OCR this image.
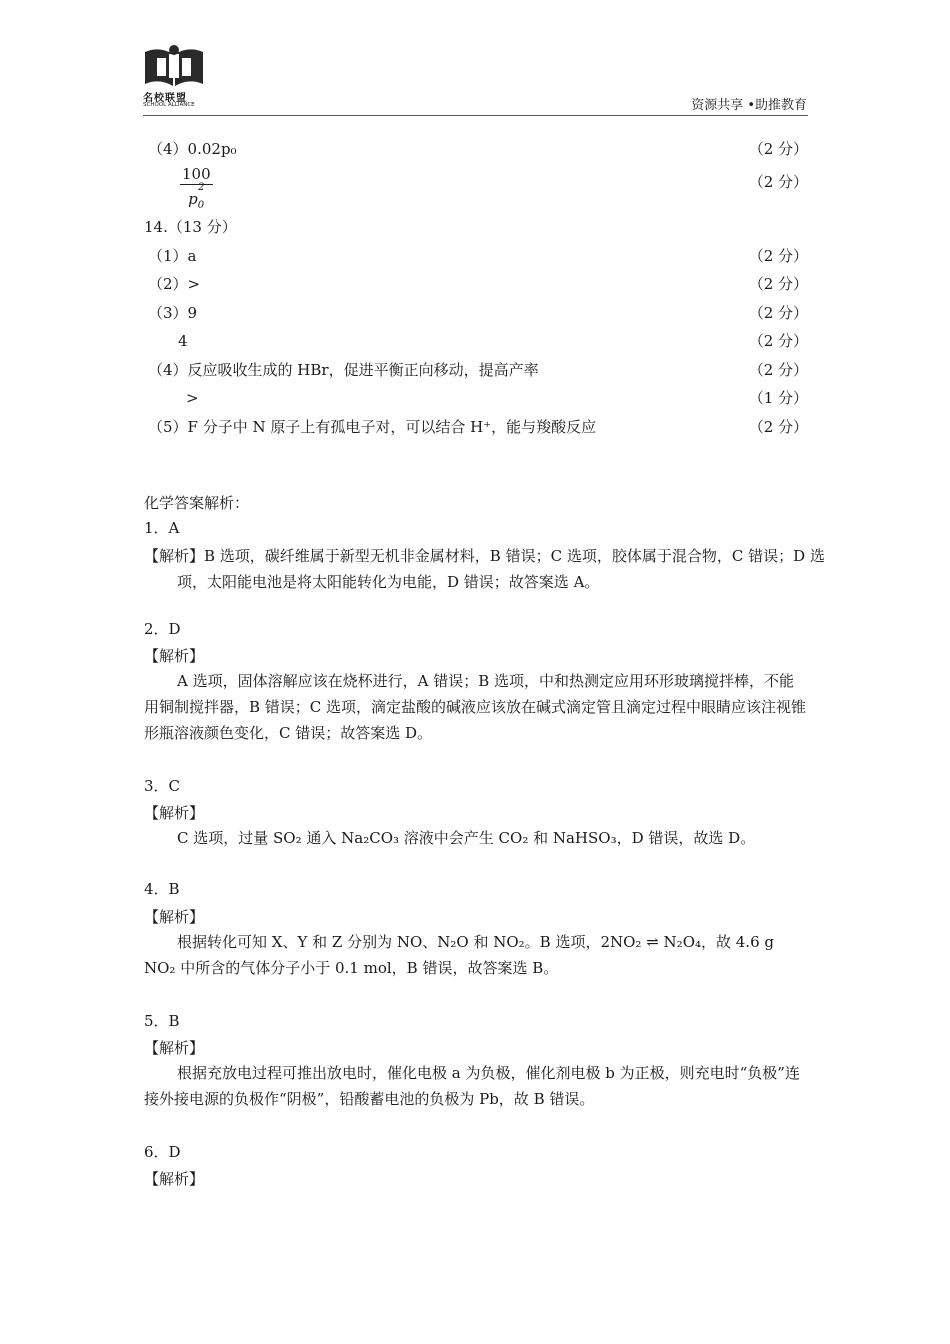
名校联盟
SCHOOL ALLIANCE	资源共享 •助推教育
（4）0.02p₀	（2 分）
$\frac{100}{p_0^2}$	（2 分）
14.（13 分）
（1）a	（2 分）
（2）>	（2 分）
（3）9	（2 分）
4	（2 分）
（4）反应吸收生成的 HBr，促进平衡正向移动，提高产率	（2 分）
>	（1 分）
（5）F 分子中 N 原子上有孤电子对，可以结合 H⁺，能与羧酸反应	（2 分）
化学答案解析：
1．A
【解析】B 选项，碳纤维属于新型无机非金属材料，B 错误；C 选项，胶体属于混合物，C 错误；D 选项，太阳能电池是将太阳能转化为电能，D 错误；故答案选 A。
2．D
【解析】
A 选项，固体溶解应该在烧杯进行，A 错误；B 选项，中和热测定应用环形玻璃搅拌棒，不能用铜制搅拌器，B 错误；C 选项，滴定盐酸的碱液应该放在碱式滴定管且滴定过程中眼睛应该注视锥形瓶溶液颜色变化，C 错误；故答案选 D。
3．C
【解析】
C 选项，过量 SO₂ 通入 Na₂CO₃ 溶液中会产生 CO₂ 和 NaHSO₃，D 错误，故选 D。
4．B
【解析】
根据转化可知 X、Y 和 Z 分别为 NO、N₂O 和 NO₂。B 选项，2NO₂ ⇌ N₂O₄，故 4.6 g NO₂ 中所含的气体分子小于 0.1 mol，B 错误，故答案选 B。
5．B
【解析】
根据充放电过程可推出放电时，催化电极 a 为负极，催化剂电极 b 为正极，则充电时“负极”连接外接电源的负极作“阴极”，铅酸蓄电池的负极为 Pb，故 B 错误。
6．D
【解析】
